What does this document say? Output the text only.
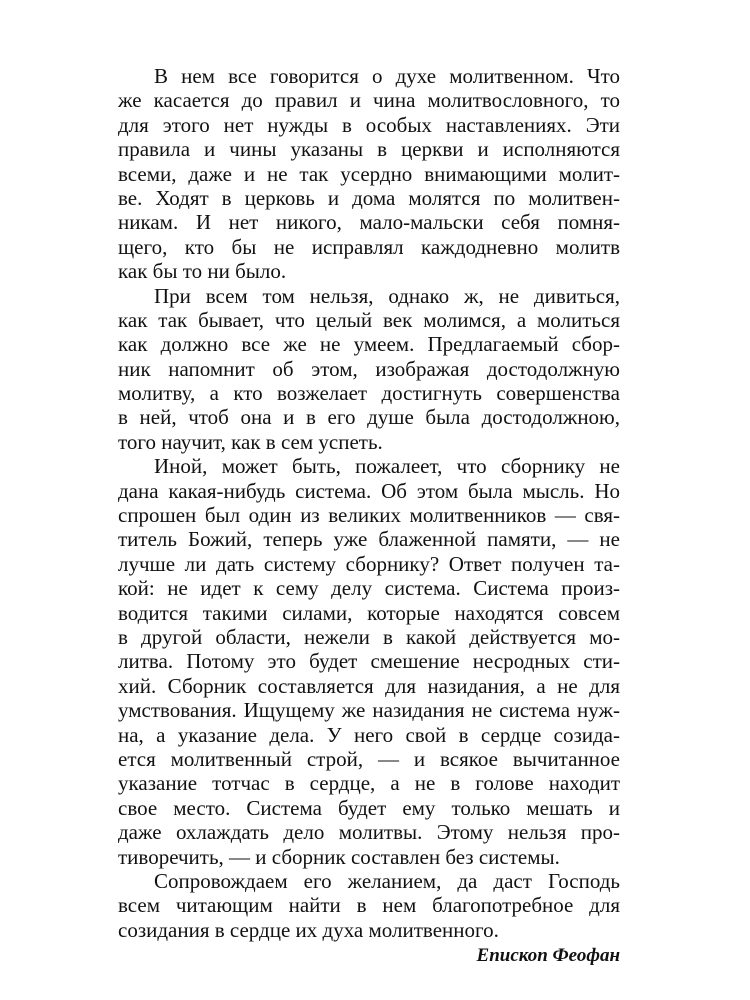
В нем все говорится о духе молитвенном. Что
же касается до правил и чина молитвословного, то
для этого нет нужды в особых наставлениях. Эти
правила и чины указаны в церкви и исполняются
всеми, даже и не так усердно внимающими молит-
ве. Ходят в церковь и дома молятся по молитвен-
никам. И нет никого, мало-мальски себя помня-
щего, кто бы не исправлял каждодневно молитв
как бы то ни было.
При всем том нельзя, однако ж, не дивиться,
как так бывает, что целый век молимся, а молиться
как должно все же не умеем. Предлагаемый сбор-
ник напомнит об этом, изображая достодолжную
молитву, а кто возжелает достигнуть совершенства
в ней, чтоб она и в его душе была достодолжною,
того научит, как в сем успеть.
Иной, может быть, пожалеет, что сборнику не
дана какая-нибудь система. Об этом была мысль. Но
спрошен был один из великих молитвенников — свя-
титель Божий, теперь уже блаженной памяти, — не
лучше ли дать систему сборнику? Ответ получен та-
кой: не идет к сему делу система. Система произ-
водится такими силами, которые находятся совсем
в другой области, нежели в какой действуется мо-
литва. Потому это будет смешение несродных сти-
хий. Сборник составляется для назидания, а не для
умствования. Ищущему же назидания не система нуж-
на, а указание дела. У него свой в сердце созида-
ется молитвенный строй, — и всякое вычитанное
указание тотчас в сердце, а не в голове находит
свое место. Система будет ему только мешать и
даже охлаждать дело молитвы. Этому нельзя про-
тиворечить, — и сборник составлен без системы.
Сопровождаем его желанием, да даст Господь
всем читающим найти в нем благопотребное для
созидания в сердце их духа молитвенного.
Епископ Феофан
